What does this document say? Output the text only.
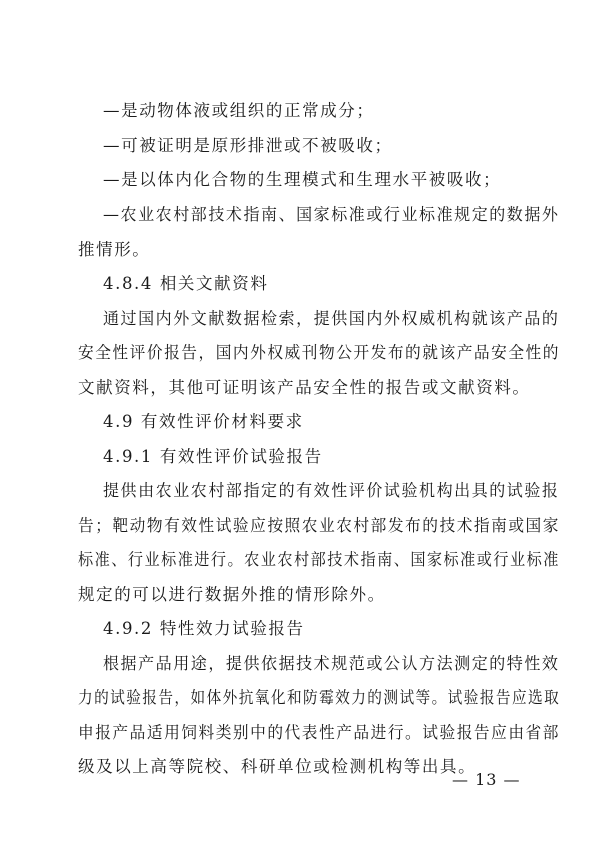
—是动物体液或组织的正常成分；
—可被证明是原形排泄或不被吸收；
—是以体内化合物的生理模式和生理水平被吸收；
—农业农村部技术指南、国家标准或行业标准规定的数据外
推情形。
4.8.4 相关文献资料
通过国内外文献数据检索，提供国内外权威机构就该产品的
安全性评价报告，国内外权威刊物公开发布的就该产品安全性的
文献资料，其他可证明该产品安全性的报告或文献资料。
4.9 有效性评价材料要求
4.9.1 有效性评价试验报告
提供由农业农村部指定的有效性评价试验机构出具的试验报
告；靶动物有效性试验应按照农业农村部发布的技术指南或国家
标准、行业标准进行。农业农村部技术指南、国家标准或行业标准
规定的可以进行数据外推的情形除外。
4.9.2 特性效力试验报告
根据产品用途，提供依据技术规范或公认方法测定的特性效
力的试验报告，如体外抗氧化和防霉效力的测试等。试验报告应选取
申报产品适用饲料类别中的代表性产品进行。试验报告应由省部
级及以上高等院校、科研单位或检测机构等出具。
— 13 —
